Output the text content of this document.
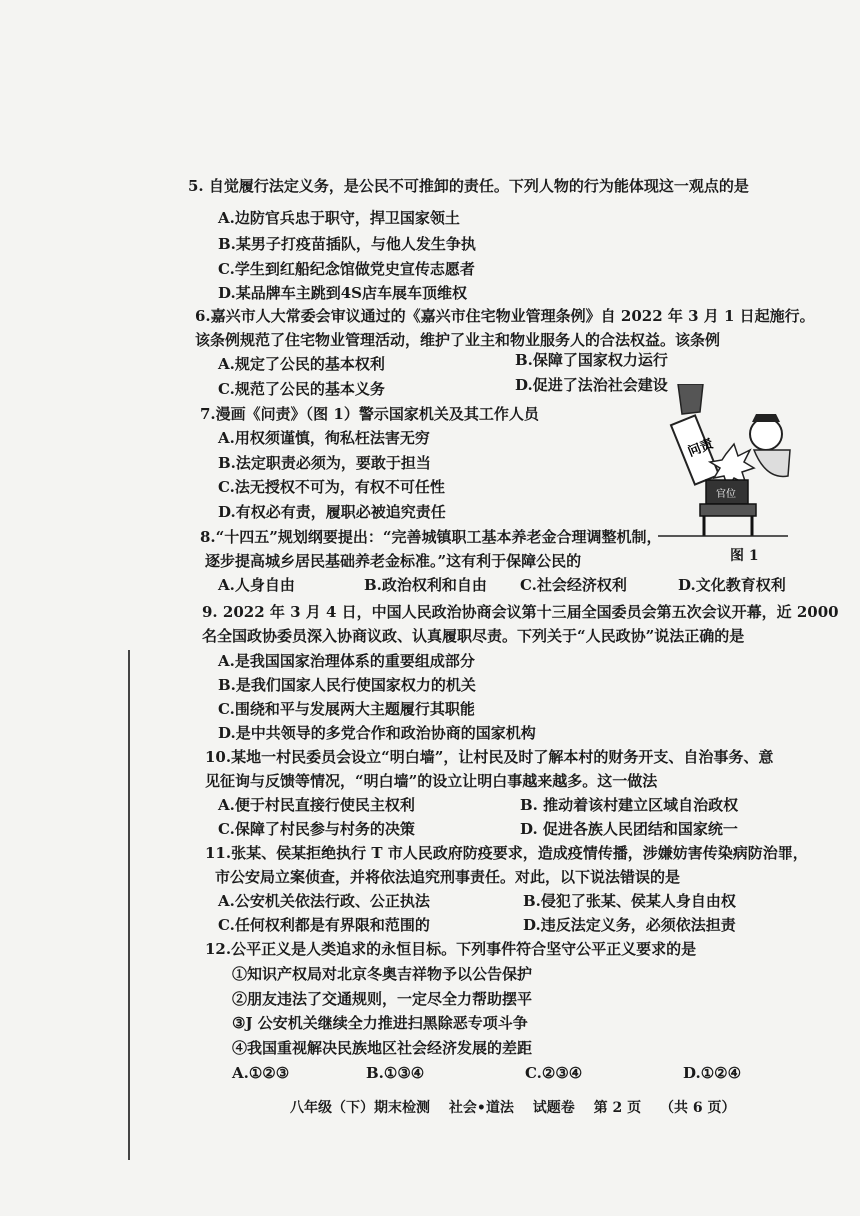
5. 自觉履行法定义务，是公民不可推卸的责任。下列人物的行为能体现这一观点的是
A.边防官兵忠于职守，捍卫国家领土
B.某男子打疫苗插队，与他人发生争执
C.学生到红船纪念馆做党史宣传志愿者
D.某品牌车主跳到4S店车展车顶维权
6.嘉兴市人大常委会审议通过的《嘉兴市住宅物业管理条例》自 2022 年 3 月 1 日起施行。
该条例规范了住宅物业管理活动，维护了业主和物业服务人的合法权益。该条例
A.规定了公民的基本权利	B.保障了国家权力运行
C.规范了公民的基本义务	D.促进了法治社会建设
7.漫画《问责》（图 1）警示国家机关及其工作人员
A.用权须谨慎，徇私枉法害无穷
B.法定职责必须为，要敢于担当
C.法无授权不可为，有权不可任性
D.有权必有责，履职必被追究责任
问责
官位
图 1
8.“十四五”规划纲要提出：“完善城镇职工基本养老金合理调整机制，
逐步提高城乡居民基础养老金标准。”这有利于保障公民的
A.人身自由	B.政治权利和自由 C.社会经济权利	D.文化教育权利
9. 2022 年 3 月 4 日，中国人民政治协商会议第十三届全国委员会第五次会议开幕，近 2000
名全国政协委员深入协商议政、认真履职尽责。下列关于“人民政协”说法正确的是
A.是我国国家治理体系的重要组成部分
B.是我们国家人民行使国家权力的机关
C.围绕和平与发展两大主题履行其职能
D.是中共领导的多党合作和政治协商的国家机构
10.某地一村民委员会设立“明白墙”，让村民及时了解本村的财务开支、自治事务、意
见征询与反馈等情况，“明白墙”的设立让明白事越来越多。这一做法
A.便于村民直接行使民主权利	B. 推动着该村建立区域自治政权
C.保障了村民参与村务的决策	D. 促进各族人民团结和国家统一
11.张某、侯某拒绝执行 T 市人民政府防疫要求，造成疫情传播，涉嫌妨害传染病防治罪，
市公安局立案侦查，并将依法追究刑事责任。对此，以下说法错误的是
A.公安机关依法行政、公正执法	B.侵犯了张某、侯某人身自由权
C.任何权利都是有界限和范围的	D.违反法定义务，必须依法担责
12.公平正义是人类追求的永恒目标。下列事件符合坚守公平正义要求的是
①知识产权局对北京冬奥吉祥物予以公告保护
②朋友违法了交通规则，一定尽全力帮助摆平
③J 公安机关继续全力推进扫黑除恶专项斗争
④我国重视解决民族地区社会经济发展的差距
A.①②③	B.①③④	C.②③④	D.①②④
八年级（下）期末检测 社会•道法 试题卷 第 2 页 （共 6 页）
